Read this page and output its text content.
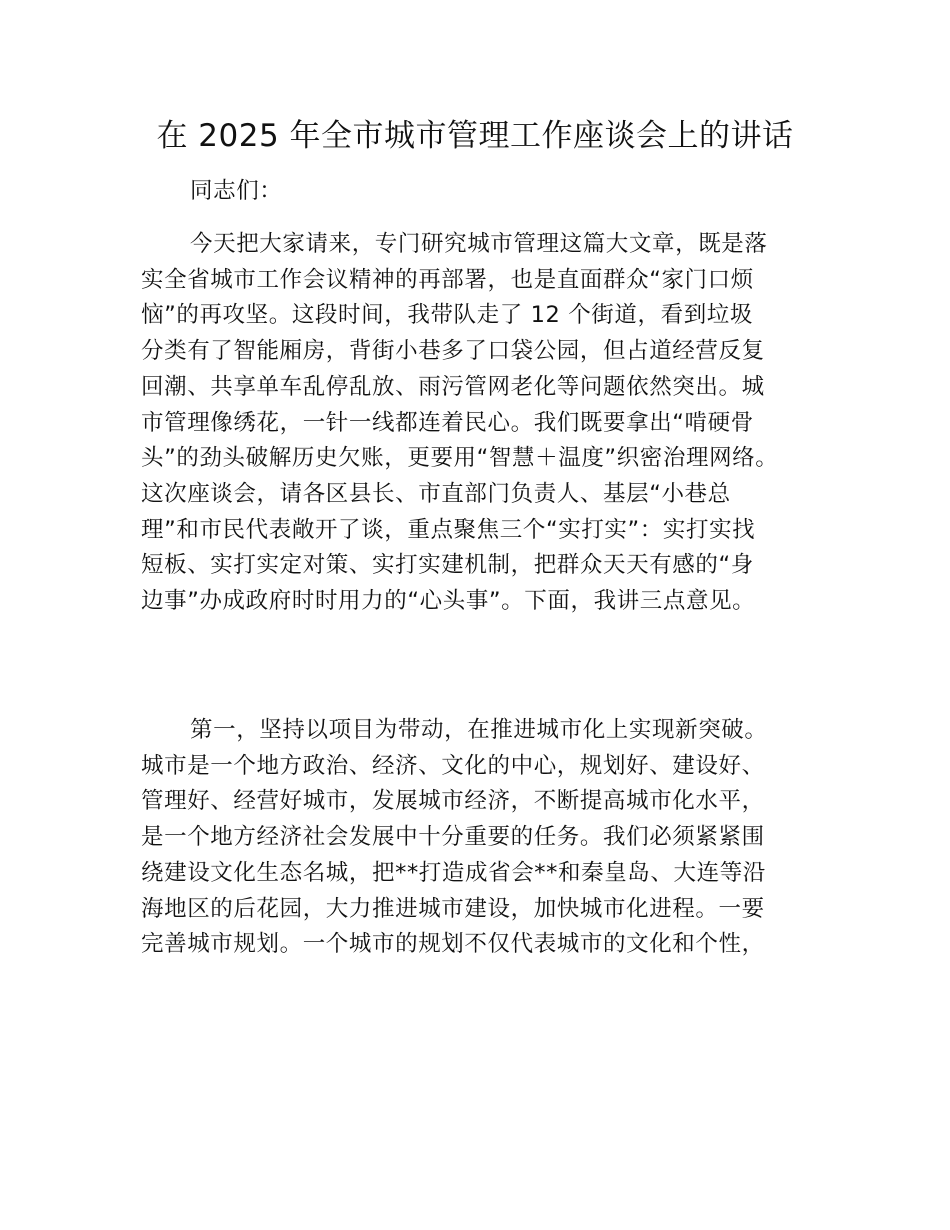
在 2025 年全市城市管理工作座谈会上的讲话

同志们：

今天把大家请来，专门研究城市管理这篇大文章，既是落
实全省城市工作会议精神的再部署，也是直面群众“家门口烦
恼”的再攻坚。这段时间，我带队走了 12 个街道，看到垃圾
分类有了智能厢房，背街小巷多了口袋公园，但占道经营反复
回潮、共享单车乱停乱放、雨污管网老化等问题依然突出。城
市管理像绣花，一针一线都连着民心。我们既要拿出“啃硬骨
头”的劲头破解历史欠账，更要用“智慧＋温度”织密治理网络。
这次座谈会，请各区县长、市直部门负责人、基层“小巷总
理”和市民代表敞开了谈，重点聚焦三个“实打实”：实打实找
短板、实打实定对策、实打实建机制，把群众天天有感的“身
边事”办成政府时时用力的“心头事”。下面，我讲三点意见。
第一，坚持以项目为带动，在推进城市化上实现新突破。
城市是一个地方政治、经济、文化的中心，规划好、建设好、
管理好、经营好城市，发展城市经济，不断提高城市化水平，
是一个地方经济社会发展中十分重要的任务。我们必须紧紧围
绕建设文化生态名城，把**打造成省会**和秦皇岛、大连等沿
海地区的后花园，大力推进城市建设，加快城市化进程。一要
完善城市规划。一个城市的规划不仅代表城市的文化和个性，
